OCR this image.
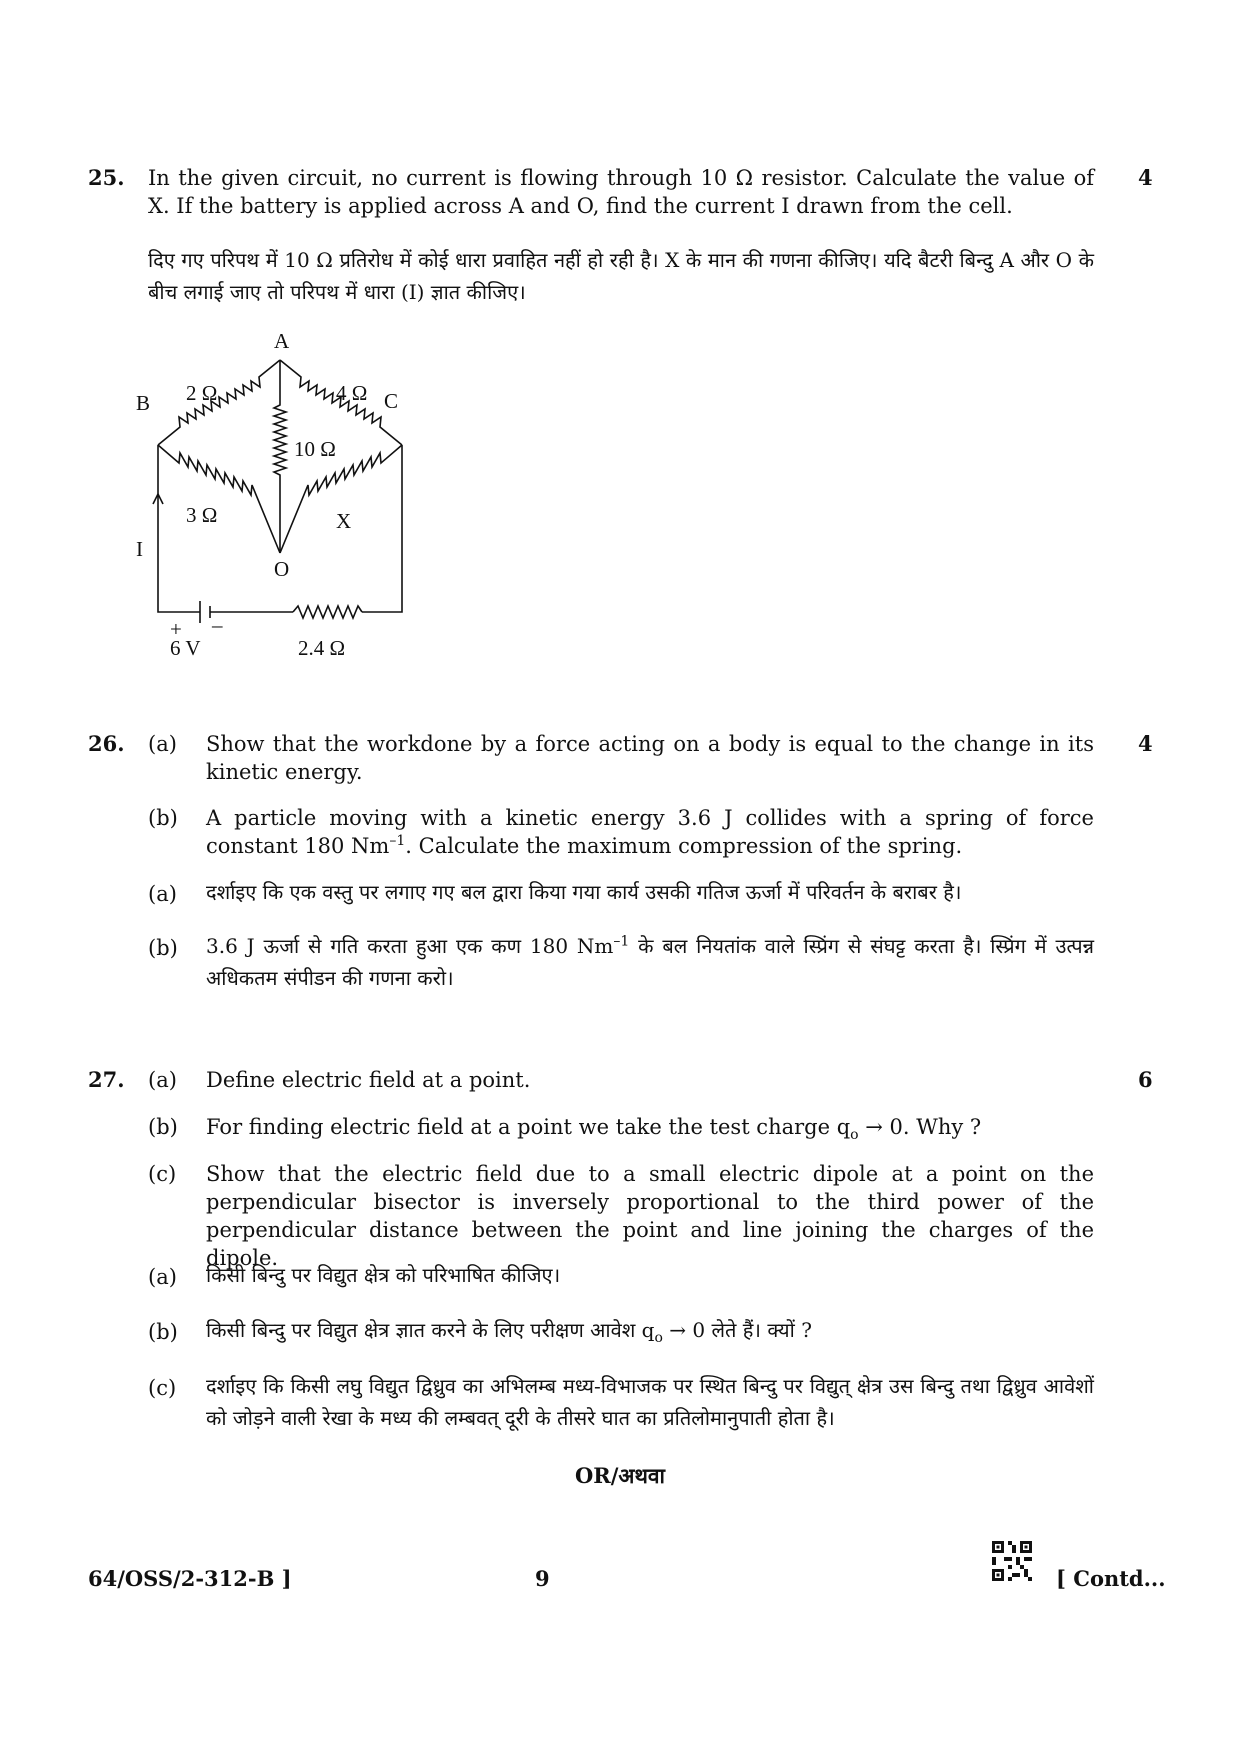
25.	4
In the given circuit, no current is flowing through 10 Ω resistor. Calculate the value of X. If the battery is applied across A and O, find the current I drawn from the cell.
दिए गए परिपथ में 10 Ω प्रतिरोध में कोई धारा प्रवाहित नहीं हो रही है। X के मान की गणना कीजिए। यदि बैटरी बिन्दु A और O के बीच लगाई जाए तो परिपथ में धारा (I) ज्ञात कीजिए।
A
B	C
O
2 Ω	4 Ω
10 Ω
3 Ω	X
I
+ –
6 V	2.4 Ω
26.	4
(a) Show that the workdone by a force acting on a body is equal to the change in its kinetic energy.
(b) A particle moving with a kinetic energy 3.6 J collides with a spring of force constant 180 $Nm^{-1}$. Calculate the maximum compression of the spring.
(a) दर्शाइए कि एक वस्तु पर लगाए गए बल द्वारा किया गया कार्य उसकी गतिज ऊर्जा में परिवर्तन के बराबर है।
(b) 3.6 J ऊर्जा से गति करता हुआ एक कण 180 $Nm^{-1}$ के बल नियतांक वाले स्प्रिंग से संघट्ट करता है। स्प्रिंग में उत्पन्न अधिकतम संपीडन की गणना करो।
27.	6
(a) Define electric field at a point.
(b) For finding electric field at a point we take the test charge $q_o \to 0$. Why ?
(c) Show that the electric field due to a small electric dipole at a point on the perpendicular bisector is inversely proportional to the third power of the perpendicular distance between the point and line joining the charges of the dipole.
(a) किसी बिन्दु पर विद्युत क्षेत्र को परिभाषित कीजिए।
(b) किसी बिन्दु पर विद्युत क्षेत्र ज्ञात करने के लिए परीक्षण आवेश $q_o \to 0$ लेते हैं। क्यों ?
(c) दर्शाइए कि किसी लघु विद्युत द्विध्रुव का अभिलम्ब मध्य-विभाजक पर स्थित बिन्दु पर विद्युत् क्षेत्र उस बिन्दु तथा द्विध्रुव आवेशों को जोड़ने वाली रेखा के मध्य की लम्बवत् दूरी के तीसरे घात का प्रतिलोमानुपाती होता है।
OR/अथवा
64/OSS/2-312-B ]	9	[ Contd...
